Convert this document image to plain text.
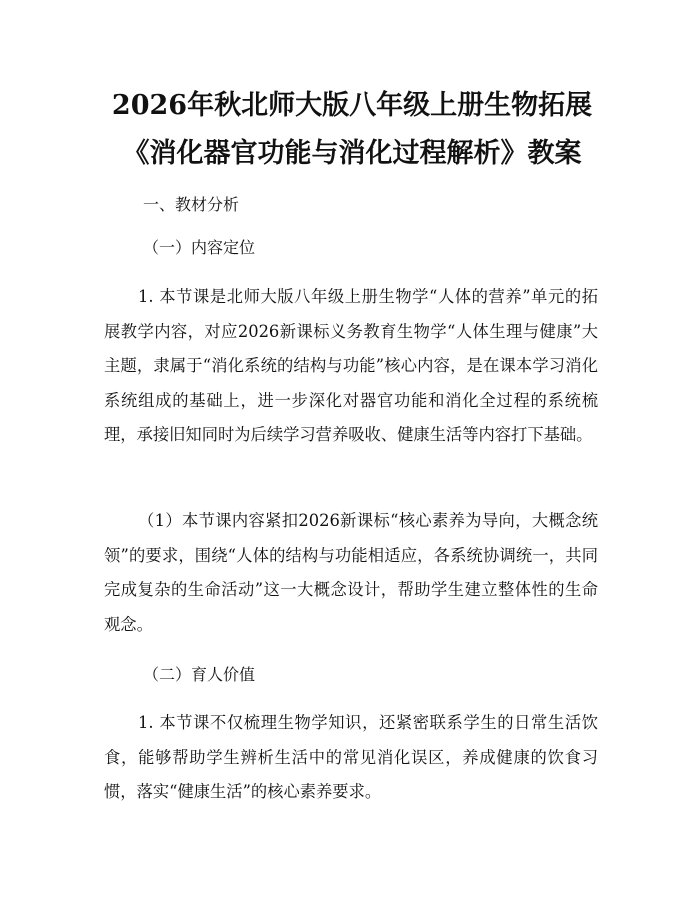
2026年秋北师大版八年级上册生物拓展《消化器官功能与消化过程解析》教案

一、教材分析

（一）内容定位

1. 本节课是北师大版八年级上册生物学“人体的营养”单元的拓展教学内容，对应2026新课标义务教育生物学“人体生理与健康”大主题，隶属于“消化系统的结构与功能”核心内容，是在课本学习消化系统组成的基础上，进一步深化对器官功能和消化全过程的系统梳理，承接旧知同时为后续学习营养吸收、健康生活等内容打下基础。

（1）本节课内容紧扣2026新课标“核心素养为导向，大概念统领”的要求，围绕“人体的结构与功能相适应，各系统协调统一，共同完成复杂的生命活动”这一大概念设计，帮助学生建立整体性的生命观念。

（二）育人价值

1. 本节课不仅梳理生物学知识，还紧密联系学生的日常生活饮食，能够帮助学生辨析生活中的常见消化误区，养成健康的饮食习惯，落实“健康生活”的核心素养要求。
